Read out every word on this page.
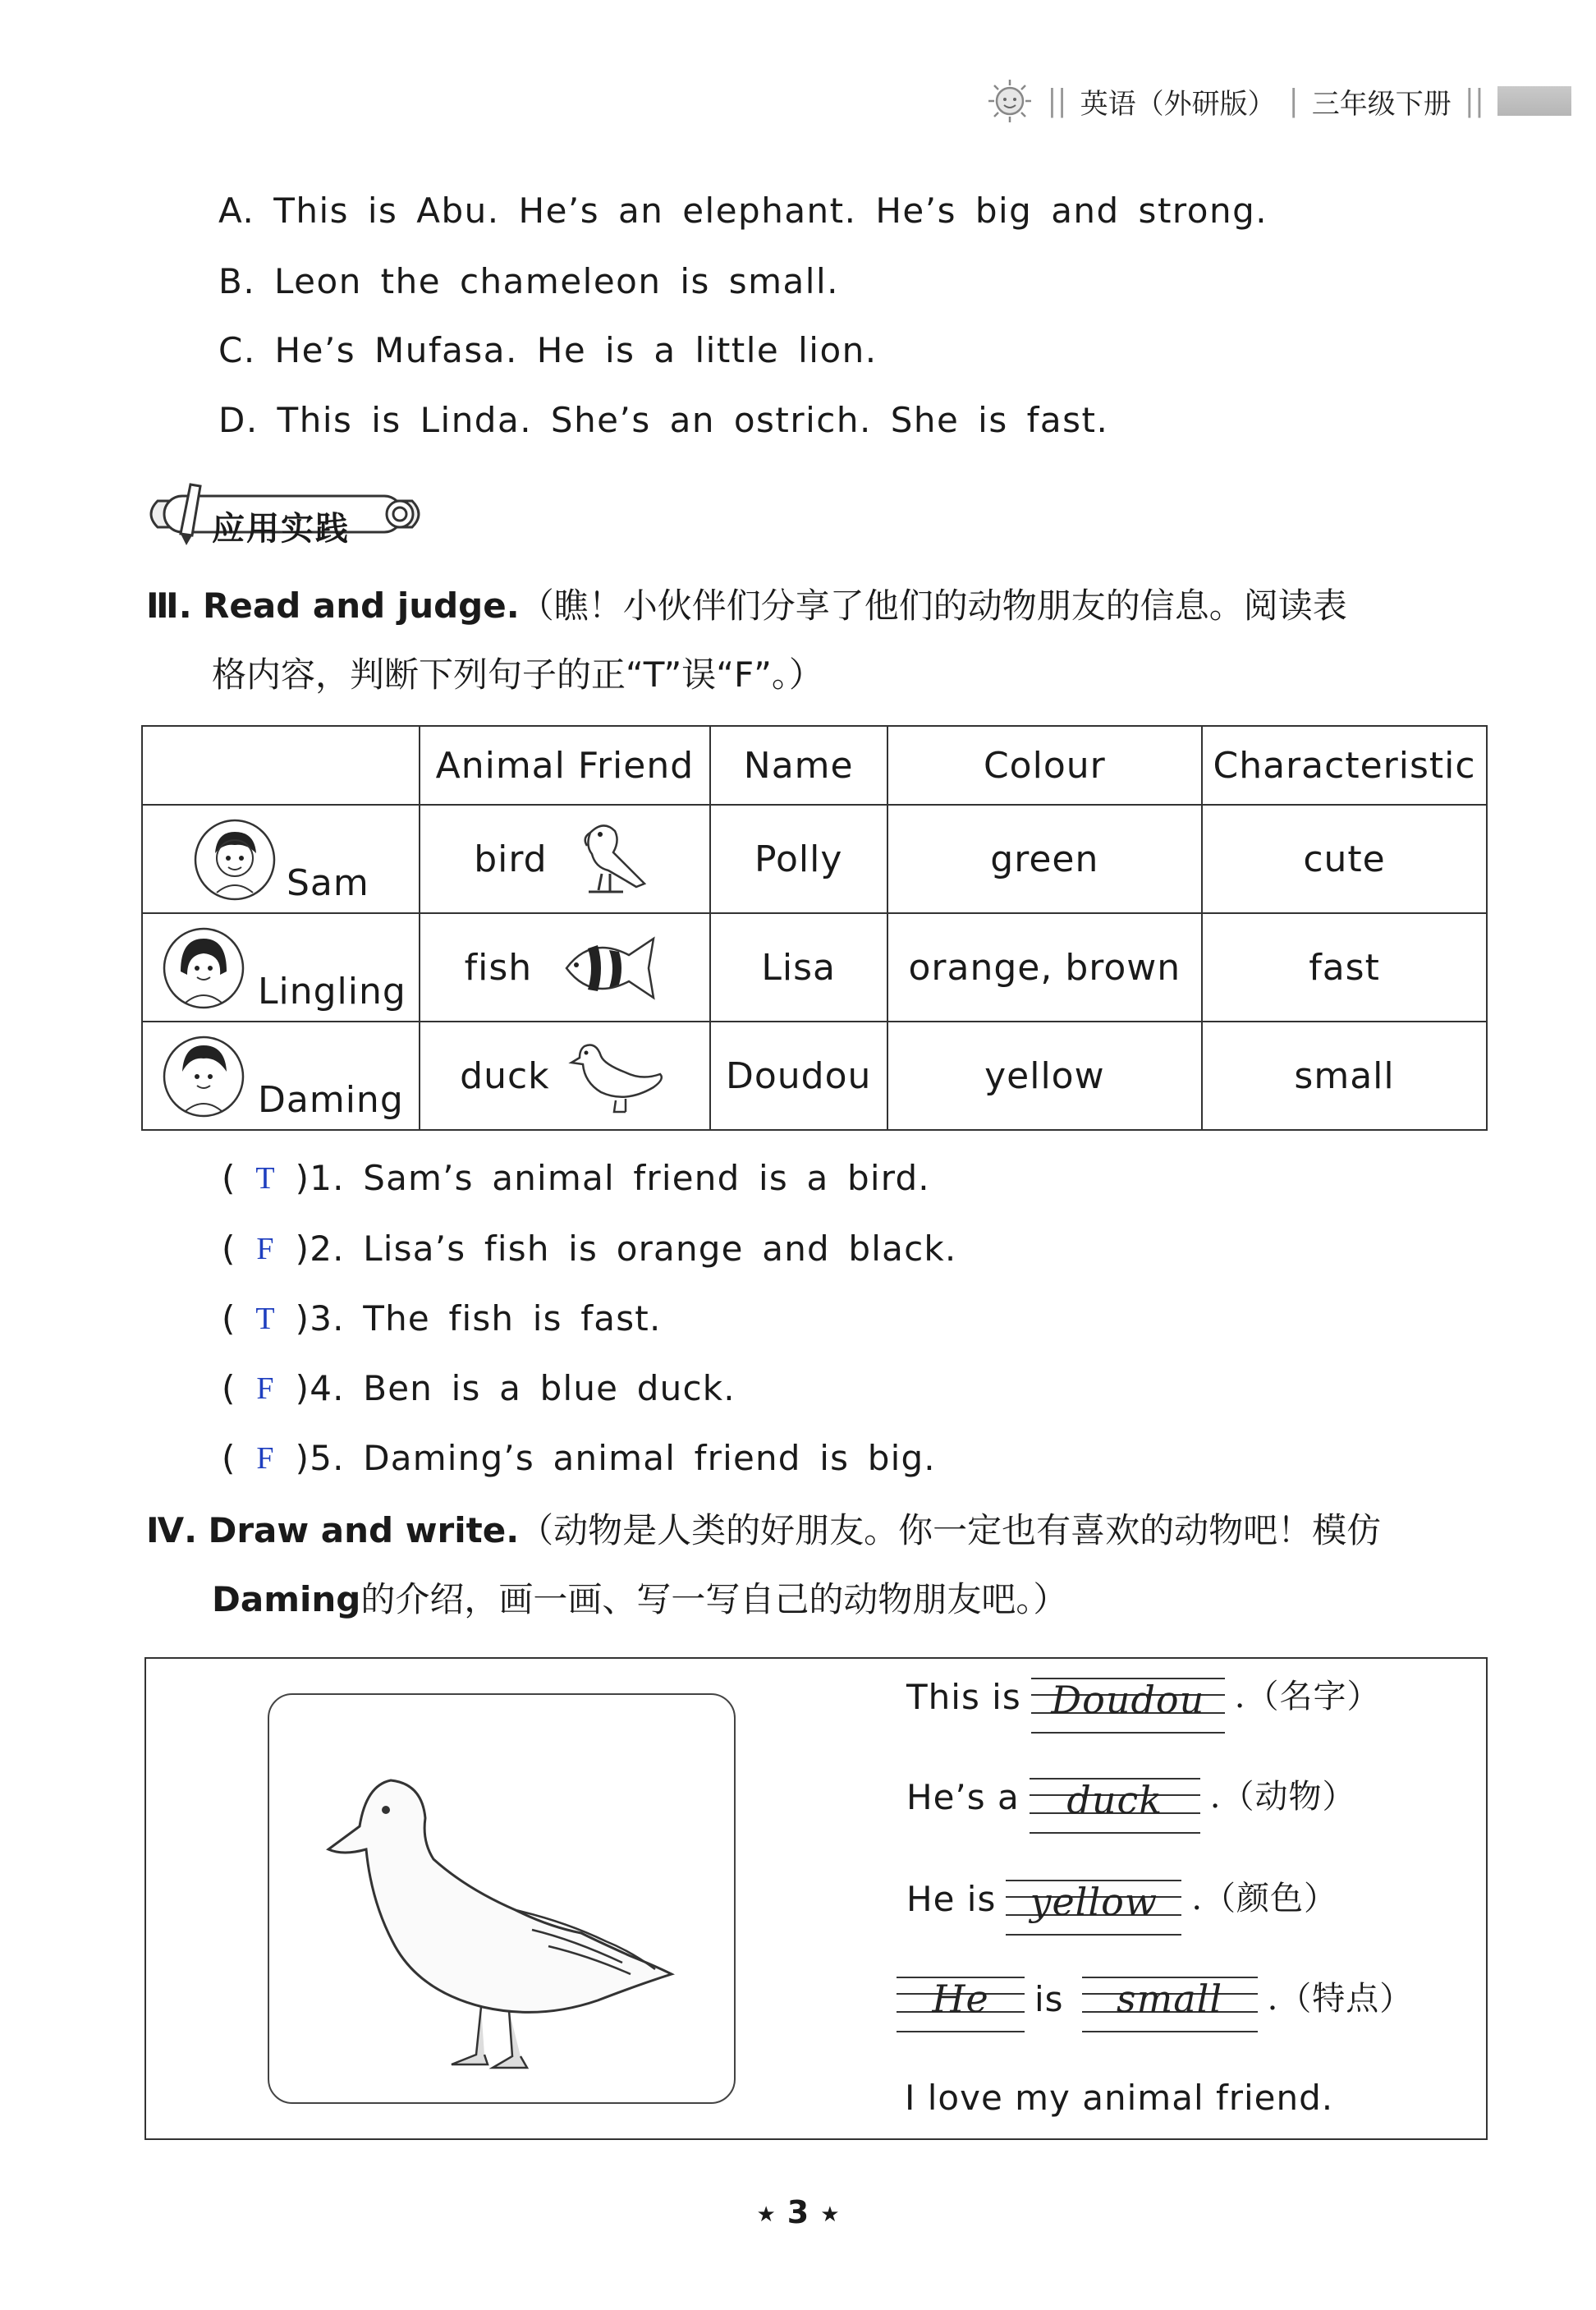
|| 英语（外研版） | 三年级下册 ||
A. This is Abu. He’s an elephant. He’s big and strong.
B. Leon the chameleon is small.
C. He’s Mufasa. He is a little lion.
D. This is Linda. She’s an ostrich. She is fast.
应用实践
Ⅲ. Read and judge.（瞧！小伙伴们分享了他们的动物朋友的信息。阅读表
格内容，判断下列句子的正“T”误“F”。）
	Animal Friend	Name	Colour	Characteristic

Sam	bird	Polly	green	cute

Lingling	fish	Lisa	orange, brown	fast

Daming	duck	Doudou	yellow	small
( T ) 1. Sam’s animal friend is a bird.
( F ) 2. Lisa’s fish is orange and black.
( T ) 3. The fish is fast.
( F ) 4. Ben is a blue duck.
( F ) 5. Daming’s animal friend is big.
Ⅳ. Draw and write.（动物是人类的好朋友。你一定也有喜欢的动物吧！模仿
Daming的介绍，画一画、写一写自己的动物朋友吧。）
This is Doudou .（名字）
He’s a	duck	.（动物）
He is yellow	.（颜色）
He	is	small	.（特点）
I love my animal friend.
★ 3 ★
